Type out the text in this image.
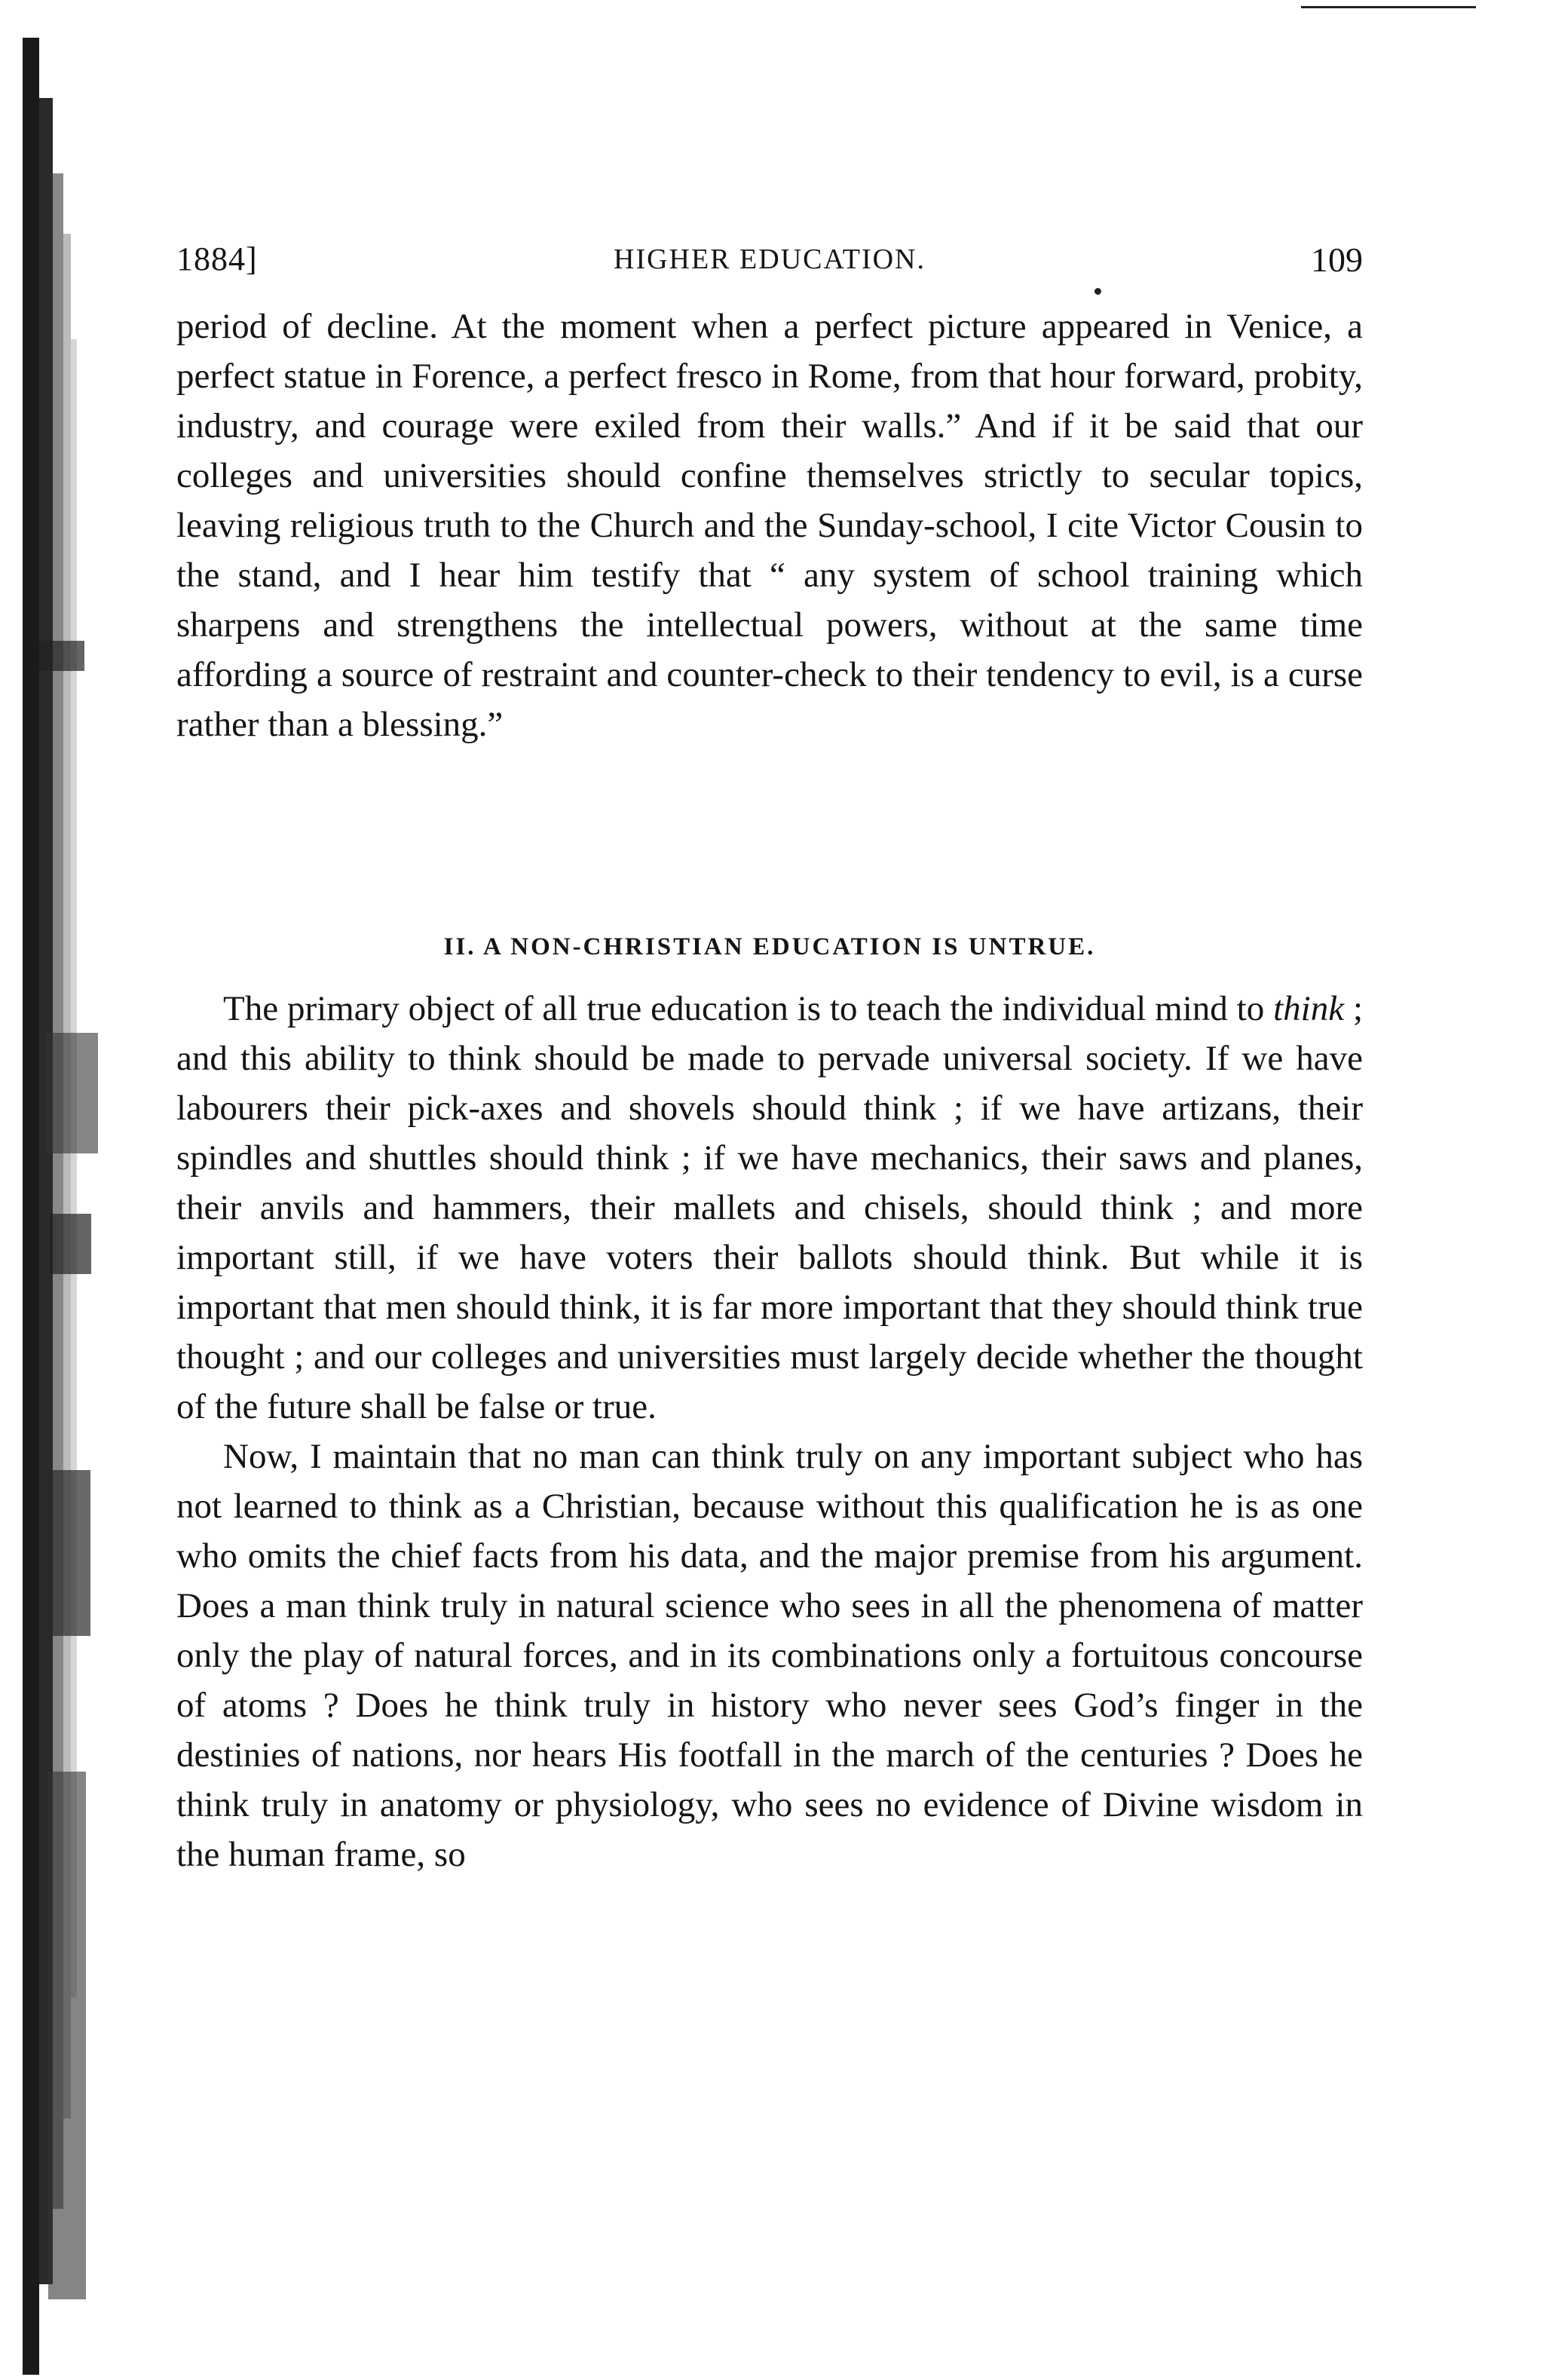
1884]	HIGHER EDUCATION.	109

period of decline. At the moment when a perfect picture appeared in Venice, a perfect statue in Forence, a perfect fresco in Rome, from that hour forward, probity, industry, and courage were exiled from their walls.” And if it be said that our colleges and universities should confine themselves strictly to secular topics, leaving religious truth to the Church and the Sunday-school, I cite Victor Cousin to the stand, and I hear him testify that “ any system of school training which sharpens and strengthens the intellectual powers, without at the same time affording a source of restraint and counter-check to their tendency to evil, is a curse rather than a blessing.”

II. A NON-CHRISTIAN EDUCATION IS UNTRUE.

The primary object of all true education is to teach the individual mind to think ; and this ability to think should be made to pervade universal society. If we have labourers their pick-axes and shovels should think ; if we have artizans, their spindles and shuttles should think ; if we have mechanics, their saws and planes, their anvils and hammers, their mallets and chisels, should think ; and more important still, if we have voters their ballots should think. But while it is important that men should think, it is far more important that they should think true thought ; and our colleges and universities must largely decide whether the thought of the future shall be false or true.

Now, I maintain that no man can think truly on any important subject who has not learned to think as a Christian, because without this qualification he is as one who omits the chief facts from his data, and the major premise from his argument. Does a man think truly in natural science who sees in all the phenomena of matter only the play of natural forces, and in its combinations only a fortuitous concourse of atoms ? Does he think truly in history who never sees God’s finger in the destinies of nations, nor hears His footfall in the march of the centuries ? Does he think truly in anatomy or physiology, who sees no evidence of Divine wisdom in the human frame, so
